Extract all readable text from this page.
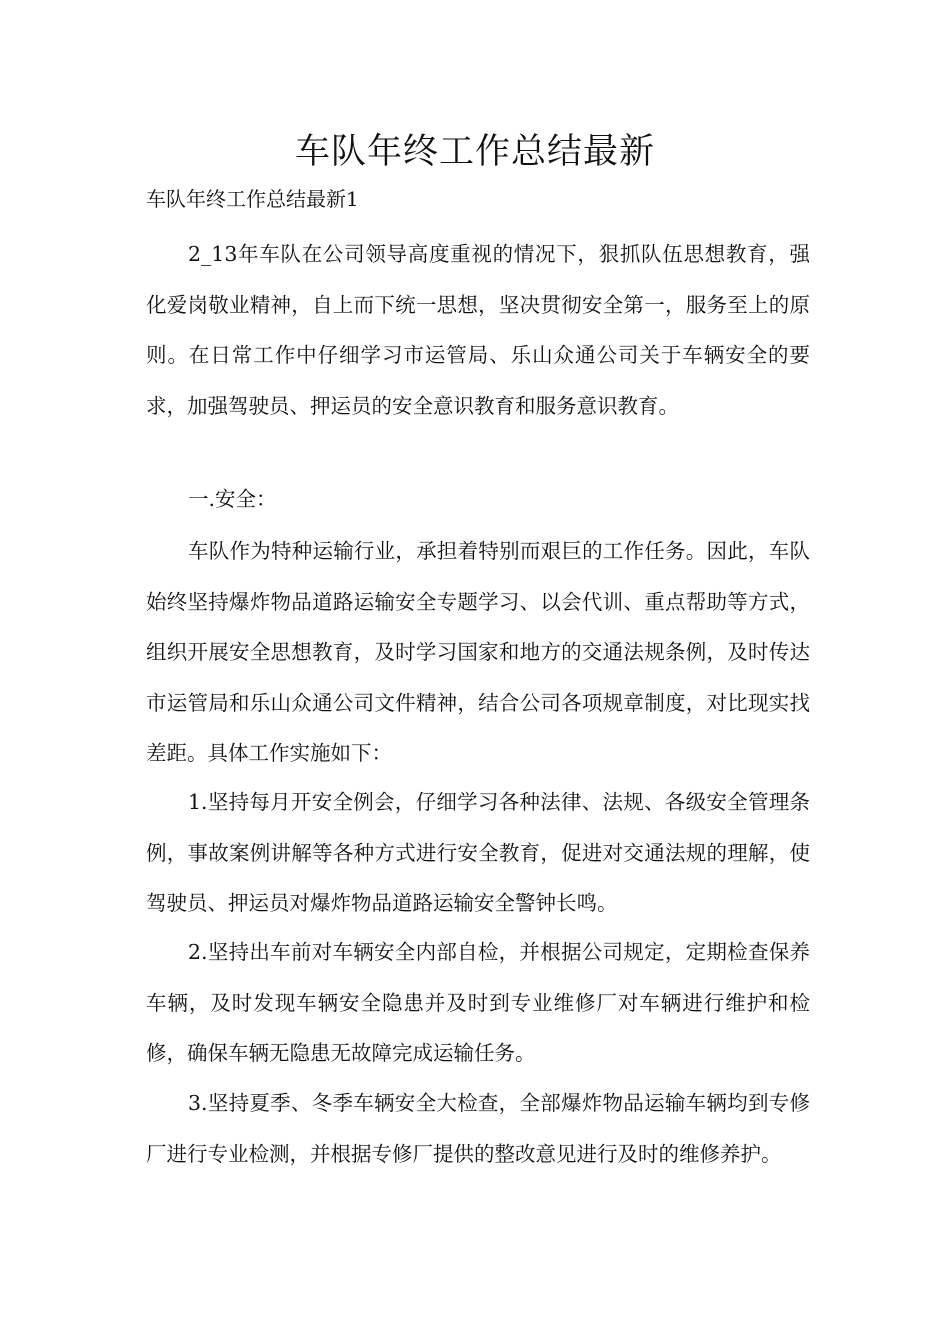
车队年终工作总结最新

车队年终工作总结最新1

2_13年车队在公司领导高度重视的情况下，狠抓队伍思想教育，强化爱岗敬业精神，自上而下统一思想，坚决贯彻安全第一，服务至上的原则。在日常工作中仔细学习市运管局、乐山众通公司关于车辆安全的要求，加强驾驶员、押运员的安全意识教育和服务意识教育。

一.安全：

车队作为特种运输行业，承担着特别而艰巨的工作任务。因此，车队始终坚持爆炸物品道路运输安全专题学习、以会代训、重点帮助等方式，组织开展安全思想教育，及时学习国家和地方的交通法规条例，及时传达市运管局和乐山众通公司文件精神，结合公司各项规章制度，对比现实找差距。具体工作实施如下：

1.坚持每月开安全例会，仔细学习各种法律、法规、各级安全管理条例，事故案例讲解等各种方式进行安全教育，促进对交通法规的理解，使驾驶员、押运员对爆炸物品道路运输安全警钟长鸣。

2.坚持出车前对车辆安全内部自检，并根据公司规定，定期检查保养车辆，及时发现车辆安全隐患并及时到专业维修厂对车辆进行维护和检修，确保车辆无隐患无故障完成运输任务。

3.坚持夏季、冬季车辆安全大检查，全部爆炸物品运输车辆均到专修厂进行专业检测，并根据专修厂提供的整改意见进行及时的维修养护。
